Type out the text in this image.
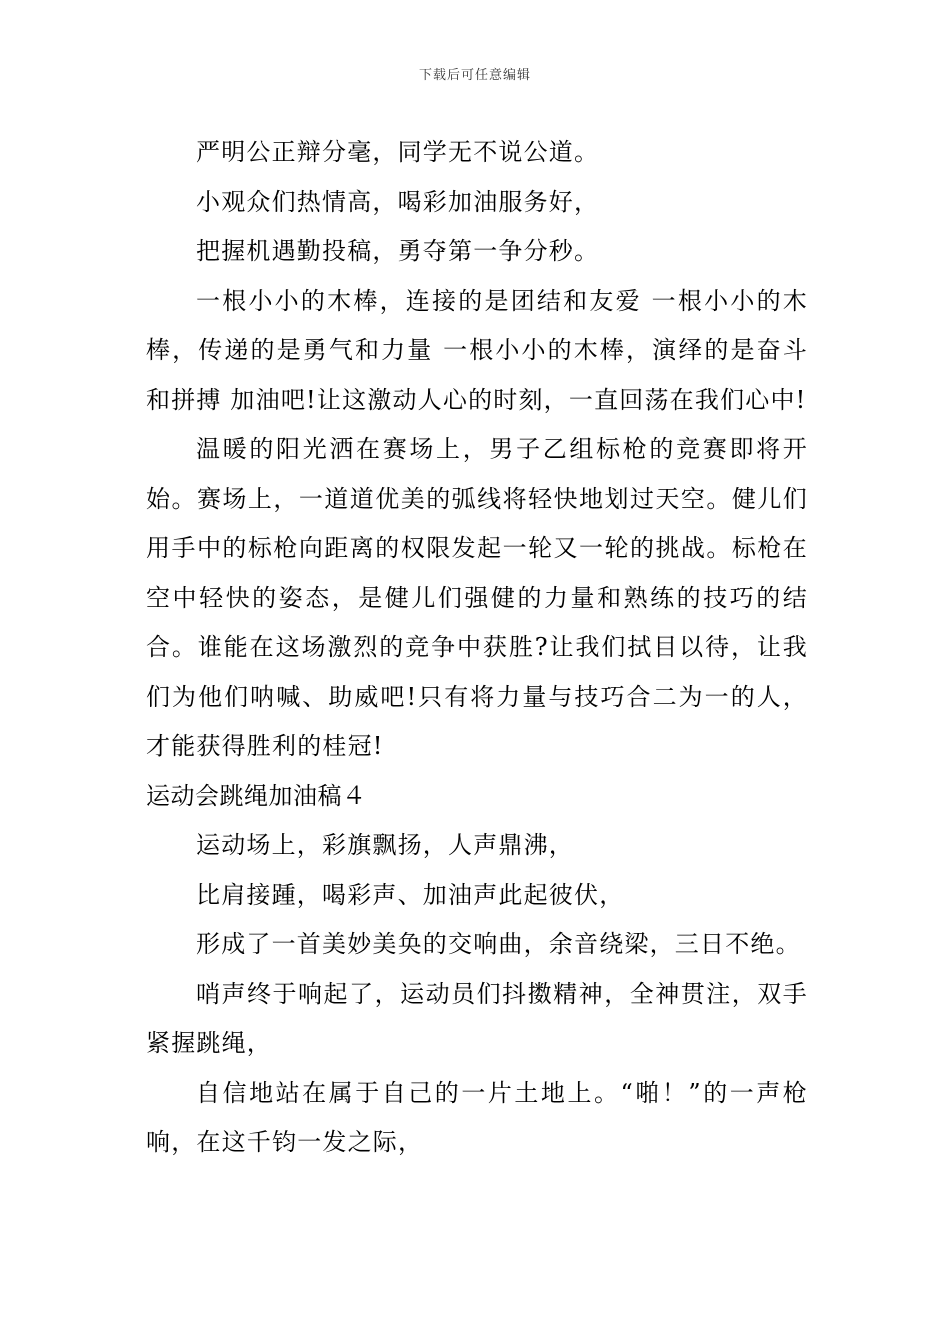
下载后可任意编辑

严明公正辩分毫，同学无不说公道。

小观众们热情高，喝彩加油服务好，

把握机遇勤投稿，勇夺第一争分秒。

一根小小的木棒，连接的是团结和友爱 一根小小的木棒，传递的是勇气和力量 一根小小的木棒，演绎的是奋斗和拼搏 加油吧!让这激动人心的时刻，一直回荡在我们心中!

温暖的阳光洒在赛场上，男子乙组标枪的竞赛即将开始。赛场上，一道道优美的弧线将轻快地划过天空。健儿们用手中的标枪向距离的权限发起一轮又一轮的挑战。标枪在空中轻快的姿态，是健儿们强健的力量和熟练的技巧的结合。谁能在这场激烈的竞争中获胜?让我们拭目以待，让我们为他们呐喊、助威吧!只有将力量与技巧合二为一的人，才能获得胜利的桂冠!

运动会跳绳加油稿４

运动场上，彩旗飘扬，人声鼎沸，

比肩接踵，喝彩声、加油声此起彼伏，

形成了一首美妙美奂的交响曲，余音绕梁，三日不绝。

哨声终于响起了，运动员们抖擞精神，全神贯注，双手紧握跳绳，

自信地站在属于自己的一片土地上。“啪！”的一声枪响，在这千钧一发之际，
